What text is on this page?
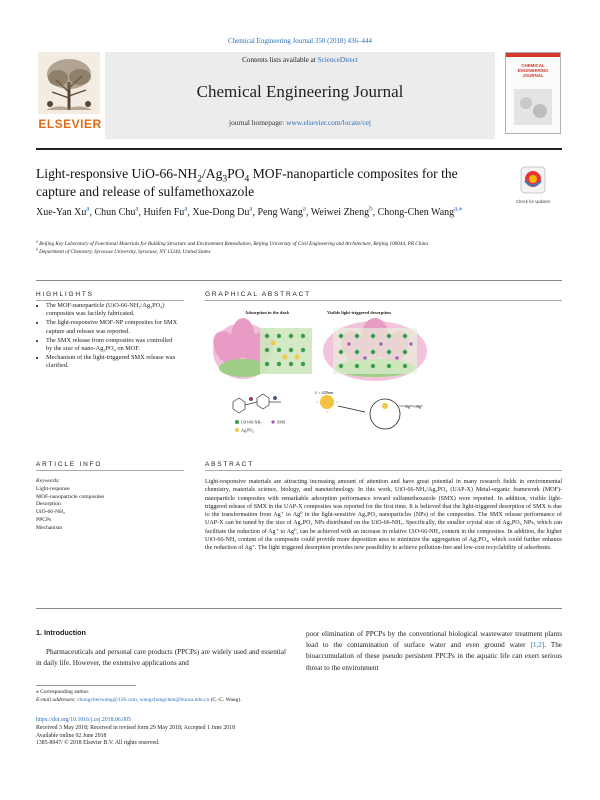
Chemical Engineering Journal 350 (2018) 436–444
ELSEVIER
Contents lists available at ScienceDirect
Chemical Engineering Journal
journal homepage: www.elsevier.com/locate/cej
CHEMICAL ENGINEERING JOURNAL
Light-responsive UiO-$66-NH_2/Ag_3PO_4$ MOF-nanoparticle composites for the capture and release of sulfamethoxazole
Check for updates
Xue-Yan Xu$^a$, Chun Chu$^a$, Huifen Fu$^a$, Xue-Dong Du$^a$, Peng Wang$^a$, Weiwei Zheng$^b$, Chong-Chen Wang$^{a,⁎}$
$^a$ Beijing Key Laboratory of Functional Materials for Building Structure and Environment Remediation, Beijing University of Civil Engineering and Architecture, Beijing 100044, PR China
$^b$ Department of Chemistry, Syracuse University, Syracuse, NY 13244, United States
HIGHLIGHTS
• The MOF-nanoparticle (UiO-66-NH₂/Ag₃PO₄) composites was facilely fabricated.
• The light-responsive MOF-NP composites for SMX capture and release was reported.
• The SMX release from composites was controlled by the size of nano-Ag₃PO₄ on MOF.
• Mechanism of the light-triggered SMX release was clarified.
GRAPHICAL ABSTRACT
Adsorption in the dark	Visible light-triggered desorption
UiO-66-NH₂
Ag₃PO₄
SMX
λ > 420nm
Ag⁺→Ag⁰
ARTICLE INFO
Keywords:
Light-response
MOF-nanoparticle composites
Desorption
UiO-66-NH₂
PPCPs
Mechanism
ABSTRACT
Light-responsive materials are attracting increasing amount of attention and have great potential in many research fields in environmental chemistry, materials science, biology, and nanotechnology. In this work, UiO-66-NH₂/Ag₃PO₄ (UAP-X) Metal-organic framework (MOF)-nanoparticle composites with remarkable adsorption performance toward sulfamethoxazole (SMX) were reported. In addition, visible light-triggered release of SMX in the UAP-X composites was reported for the first time. It is believed that the light-triggered desorption of SMX is due to the transformation from Ag⁺ to Ag⁰ in the light-sensitive Ag₃PO₄ nanoparticles (NPs) of the composites. The SMX release performance of UAP-X can be tuned by the size of Ag₃PO₄ NPs distributed on the UiO-66-NH₂. Specifically, the smaller crystal size of Ag₃PO₄ NPs, which can facilitate the reduction of Ag⁺ to Ag⁰, can be achieved with an increase in relative UiO-66-NH₂ content in the composites. In addition, the higher UiO-66-NH₂ content of the composite could provide more deposition area to minimize the aggregation of Ag₃PO₄, which could further enhance the reduction of Ag⁺. The light triggered desorption provides new possibility to achieve pollution-free and low-cost recyclability of adsorbents.
1. Introduction
Pharmaceuticals and personal care products (PPCPs) are widely used and essential in daily life. However, the extensive applications and
poor elimination of PPCPs by the conventional biological wastewater treatment plants lead to the contamination of surface water and even ground water [1,2]. The bioaccumulation of these pseudo persistent PPCPs in the aquatic life can exert serious threat to the environment
⁎ Corresponding author.
E-mail addresses: chongchenwang@126.com, wangchongchen@bucea.edu.cn (C.-C. Wang).
https://doi.org/10.1016/j.cej.2018.06.005
Received 3 May 2018; Received in revised form 29 May 2018; Accepted 1 June 2018
Available online 02 June 2018
1385-8947/ © 2018 Elsevier B.V. All rights reserved.
